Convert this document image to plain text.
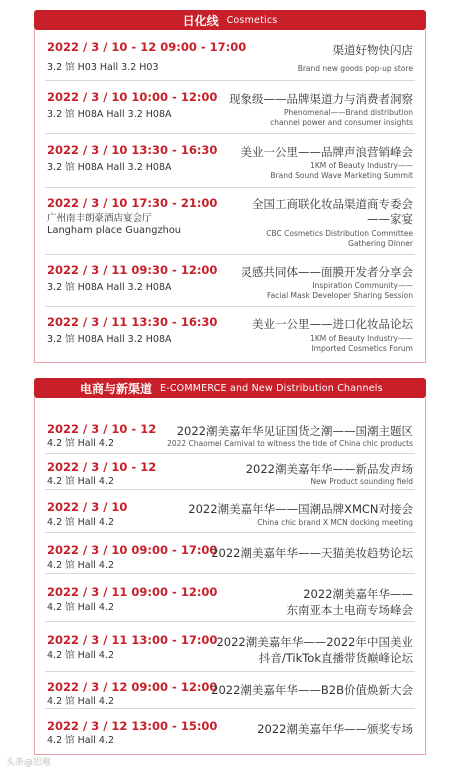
日化线 Cosmetics
2022 / 3 / 10 - 12 09:00 - 17:00
3.2 馆 H03 Hall 3.2 H03
渠道好物快闪店
Brand new goods pop-up store
2022 / 3 / 10 10:00 - 12:00
3.2 馆 H08A Hall 3.2 H08A
现象级——品牌渠道力与消费者洞察
Phenomenal——Brand distribution
channel power and consumer insights
2022 / 3 / 10 13:30 - 16:30
3.2 馆 H08A Hall 3.2 H08A
美业一公里——品牌声浪营销峰会
1KM of Beauty Industry——
Brand Sound Wave Marketing Summit
2022 / 3 / 10 17:30 - 21:00
广州南丰朗豪酒店宴会厅
Langham place Guangzhou
全国工商联化妆品渠道商专委会
——家宴
CBC Cosmetics Distribution Committee
Gathering Dinner
2022 / 3 / 11 09:30 - 12:00
3.2 馆 H08A Hall 3.2 H08A
灵感共同体——面膜开发者分享会
Inspiration Community——
Facial Mask Developer Sharing Session
2022 / 3 / 11 13:30 - 16:30
3.2 馆 H08A Hall 3.2 H08A
美业一公里——进口化妆品论坛
1KM of Beauty Industry——
Imported Cosmetics Forum
电商与新渠道 E-COMMERCE and New Distribution Channels
2022 / 3 / 10 - 12
4.2 馆 Hall 4.2
2022潮美嘉年华见证国货之潮——国潮主题区
2022 Chaomei Carnival to witness the tide of China chic products
2022 / 3 / 10 - 12
4.2 馆 Hall 4.2
2022潮美嘉年华——新品发声场
New Product sounding field
2022 / 3 / 10
4.2 馆 Hall 4.2
2022潮美嘉年华——国潮品牌XMCN对接会
China chic brand X MCN docking meeting
2022 / 3 / 10 09:00 - 17:00
4.2 馆 Hall 4.2
2022潮美嘉年华——天猫美妆趋势论坛
2022 / 3 / 11 09:00 - 12:00
4.2 馆 Hall 4.2
2022潮美嘉年华——
东南亚本土电商专场峰会
2022 / 3 / 11 13:00 - 17:00
4.2 馆 Hall 4.2
2022潮美嘉年华——2022年中国美业
抖音/TikTok直播带货巅峰论坛
2022 / 3 / 12 09:00 - 12:00
4.2 馆 Hall 4.2
2022潮美嘉年华——B2B价值焕新大会
2022 / 3 / 12 13:00 - 15:00
4.2 馆 Hall 4.2
2022潮美嘉年华——颁奖专场
头条@思唯
